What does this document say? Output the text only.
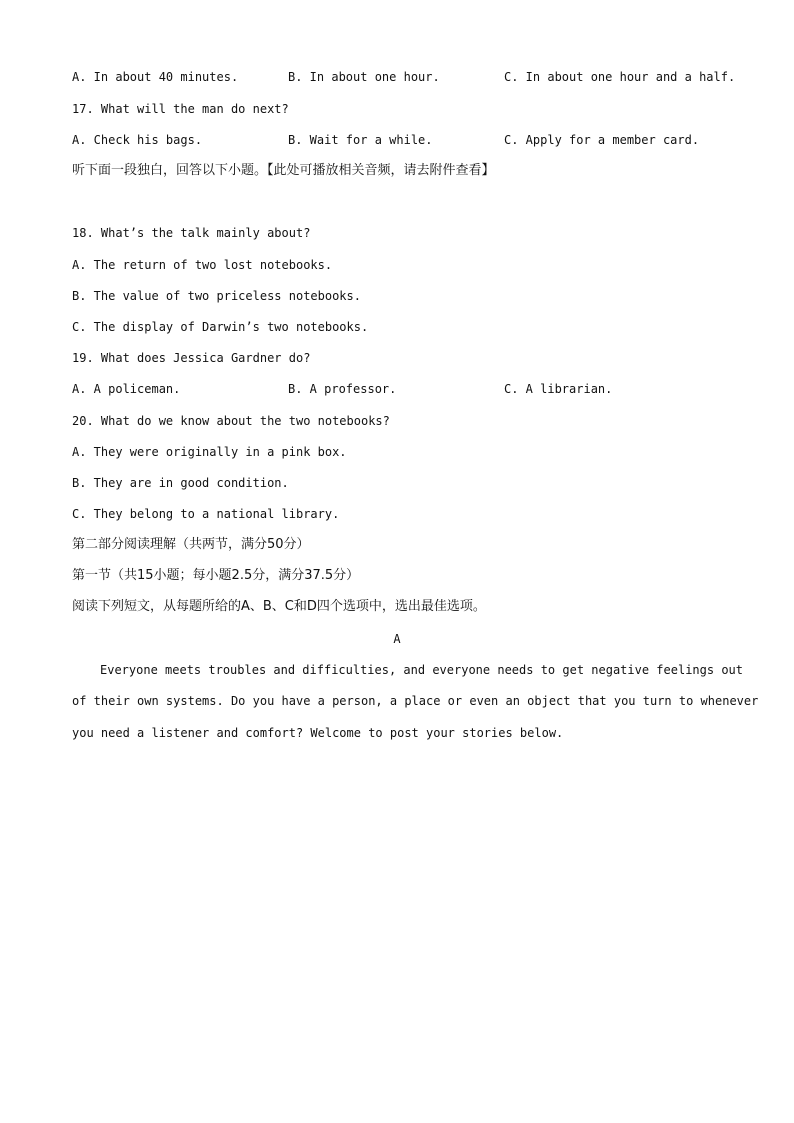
A. In about 40 minutes.	B. In about one hour.	C. In about one hour and a half.
17. What will the man do next?
A. Check his bags.	B. Wait for a while.	C. Apply for a member card.
听下面一段独白，回答以下小题。【此处可播放相关音频，请去附件查看】
18. What’s the talk mainly about?
A. The return of two lost notebooks.
B. The value of two priceless notebooks.
C. The display of Darwin’s two notebooks.
19. What does Jessica Gardner do?
A. A policeman.	B. A professor.	C. A librarian.
20. What do we know about the two notebooks?
A. They were originally in a pink box.
B. They are in good condition.
C. They belong to a national library.
第二部分阅读理解（共两节，满分50分）
第一节（共15小题；每小题2.5分，满分37.5分）
阅读下列短文，从每题所给的A、B、C和D四个选项中，选出最佳选项。
A
Everyone meets troubles and difficulties, and everyone needs to get negative feelings out
of their own systems. Do you have a person, a place or even an object that you turn to whenever
you need a listener and comfort? Welcome to post your stories below.
